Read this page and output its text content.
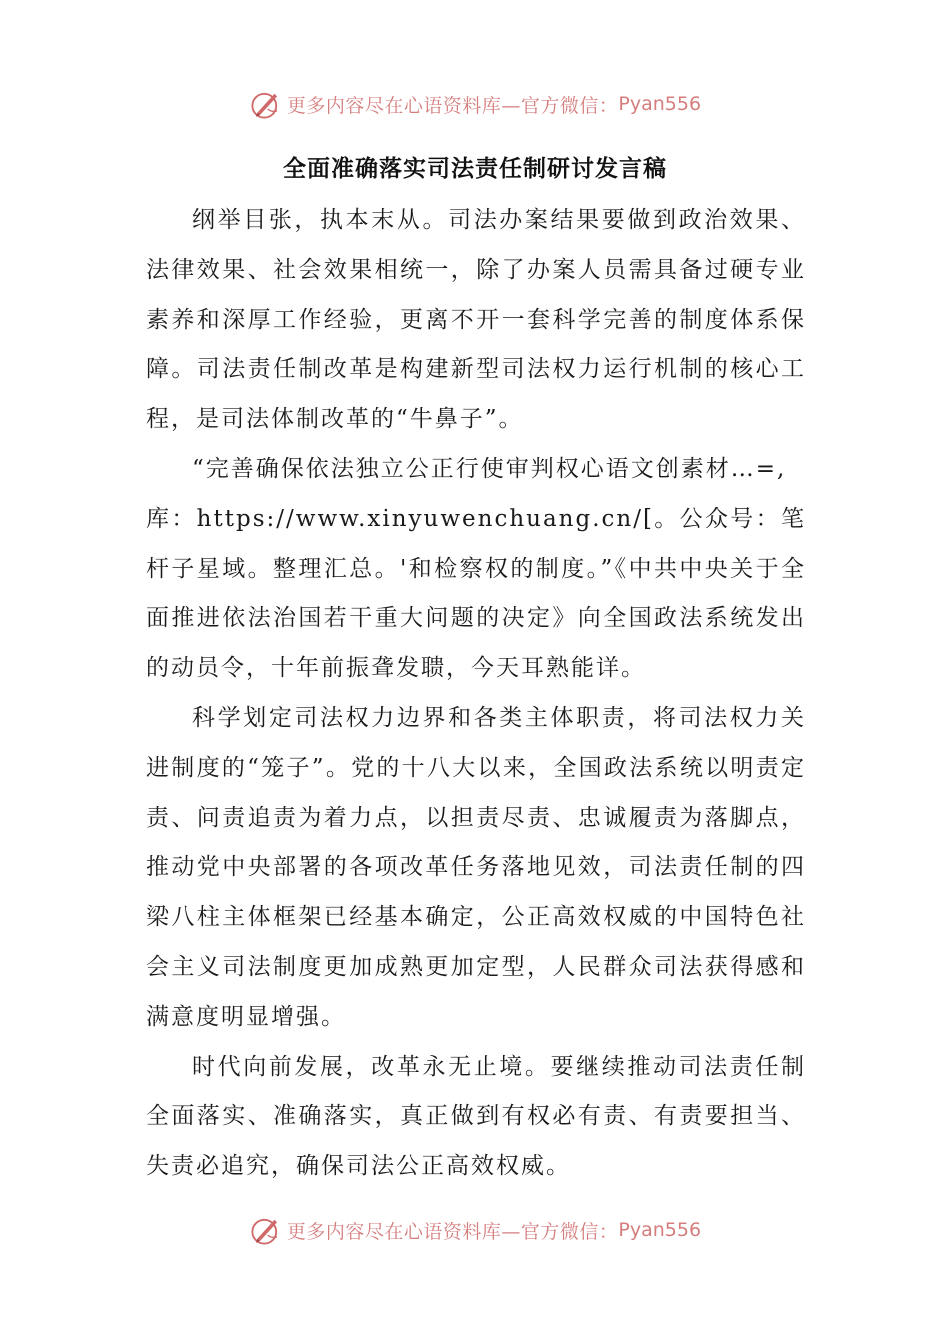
更多内容尽在心语资料库—官方微信： Pyan556
全面准确落实司法责任制研讨发言稿

纲举目张，执本末从。司法办案结果要做到政治效果、法律效果、社会效果相统一，除了办案人员需具备过硬专业素养和深厚工作经验，更离不开一套科学完善的制度体系保障。司法责任制改革是构建新型司法权力运行机制的核心工程，是司法体制改革的“牛鼻子”。

“完善确保依法独立公正行使审判权心语文创素材…=,

库：https://www.xinyuwenchuang.cn/[。公众号：笔杆子星域。整理汇总。'和检察权的制度。”《中共中央关于全面推进依法治国若干重大问题的决定》向全国政法系统发出的动员令，十年前振聋发聩，今天耳熟能详。

科学划定司法权力边界和各类主体职责，将司法权力关进制度的“笼子”。党的十八大以来，全国政法系统以明责定责、问责追责为着力点，以担责尽责、忠诚履责为落脚点，推动党中央部署的各项改革任务落地见效，司法责任制的四梁八柱主体框架已经基本确定，公正高效权威的中国特色社会主义司法制度更加成熟更加定型，人民群众司法获得感和满意度明显增强。

时代向前发展，改革永无止境。要继续推动司法责任制全面落实、准确落实，真正做到有权必有责、有责要担当、失责必追究，确保司法公正高效权威。

更多内容尽在心语资料库—官方微信： Pyan556
